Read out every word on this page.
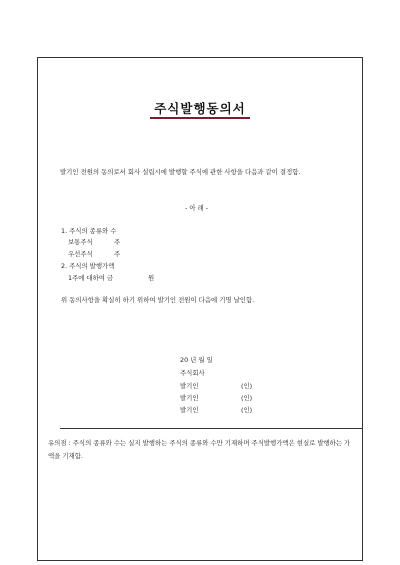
주식발행동의서
발기인 전원의 동의로서 회사 설립시에 발행할 주식에 관한 사항을 다음과 같이 결정함.
- 아 래 -
1. 주식의 종류와 수
보통주식	주
우선주식	주
2. 주식의 발행가액
1주에 대하여 금	원
위 동의사항을 확실히 하기 위하여 발기인 전원이 다음에 기명 날인함.
20 년 월 일
주식회사
발기인	(인)
발기인	(인)
발기인	(인)
유의점 : 주식의 종류와 수는 실지 발행하는 주식의 종류와 수만 기재하며 주식발행가액은 현실로 발행하는 가액을 기재함.
